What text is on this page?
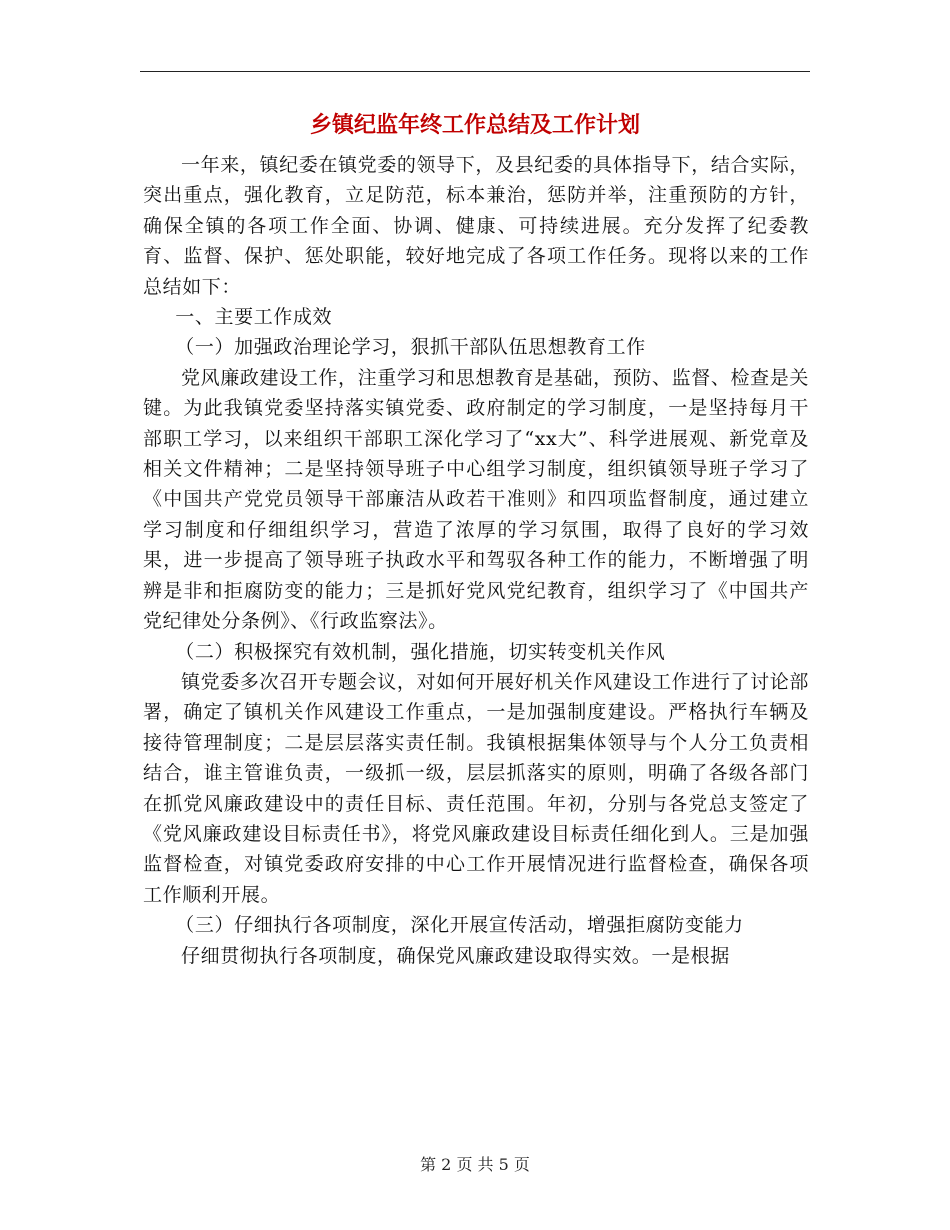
乡镇纪监年终工作总结及工作计划

一年来，镇纪委在镇党委的领导下，及县纪委的具体指导下，结合实际，突出重点，强化教育，立足防范，标本兼治，惩防并举，注重预防的方针，确保全镇的各项工作全面、协调、健康、可持续进展。充分发挥了纪委教育、监督、保护、惩处职能，较好地完成了各项工作任务。现将以来的工作总结如下：

一、主要工作成效

（一）加强政治理论学习，狠抓干部队伍思想教育工作

党风廉政建设工作，注重学习和思想教育是基础，预防、监督、检查是关键。为此我镇党委坚持落实镇党委、政府制定的学习制度，一是坚持每月干部职工学习，以来组织干部职工深化学习了“xx大”、科学进展观、新党章及相关文件精神；二是坚持领导班子中心组学习制度，组织镇领导班子学习了《中国共产党党员领导干部廉洁从政若干准则》和四项监督制度，通过建立学习制度和仔细组织学习，营造了浓厚的学习氛围，取得了良好的学习效果，进一步提高了领导班子执政水平和驾驭各种工作的能力，不断增强了明辨是非和拒腐防变的能力；三是抓好党风党纪教育，组织学习了《中国共产党纪律处分条例》、《行政监察法》。

（二）积极探究有效机制，强化措施，切实转变机关作风

镇党委多次召开专题会议，对如何开展好机关作风建设工作进行了讨论部署，确定了镇机关作风建设工作重点，一是加强制度建设。严格执行车辆及接待管理制度；二是层层落实责任制。我镇根据集体领导与个人分工负责相结合，谁主管谁负责，一级抓一级，层层抓落实的原则，明确了各级各部门在抓党风廉政建设中的责任目标、责任范围。年初，分别与各党总支签定了《党风廉政建设目标责任书》，将党风廉政建设目标责任细化到人。三是加强监督检查，对镇党委政府安排的中心工作开展情况进行监督检查，确保各项工作顺利开展。

（三）仔细执行各项制度，深化开展宣传活动，增强拒腐防变能力

仔细贯彻执行各项制度，确保党风廉政建设取得实效。一是根据

第 2 页 共 5 页
